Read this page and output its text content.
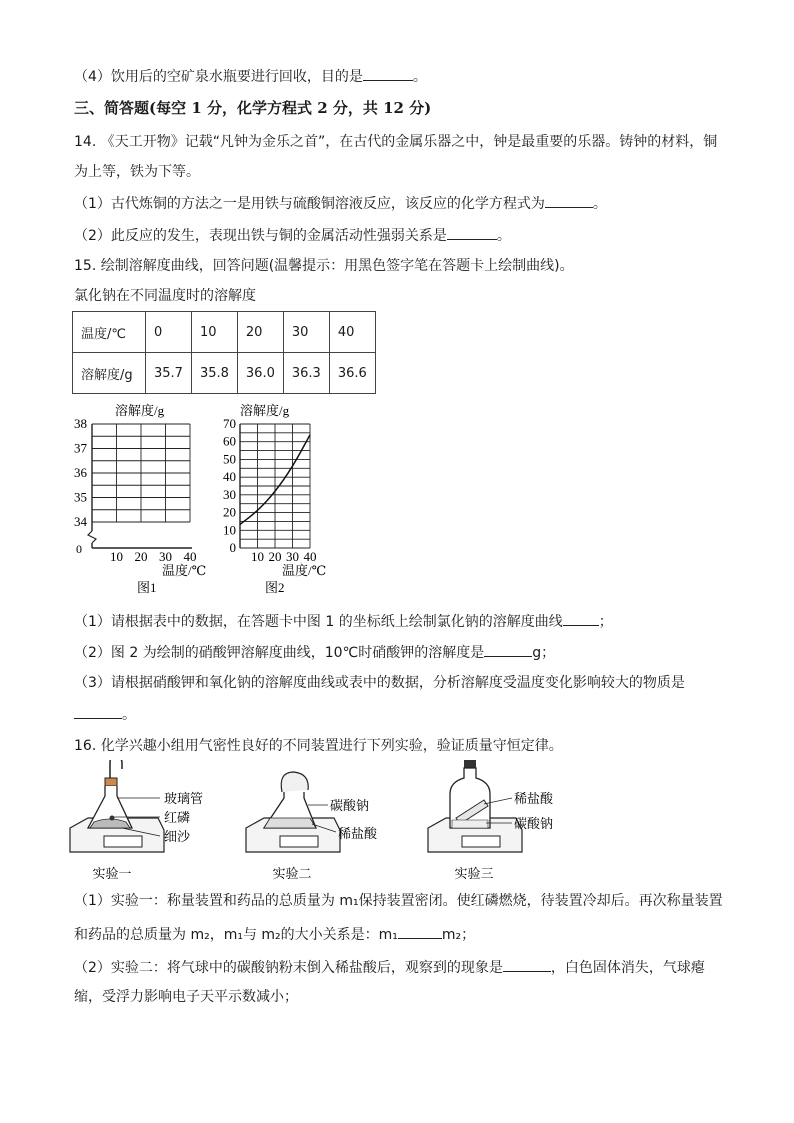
（4）饮用后的空矿泉水瓶要进行回收，目的是	。
三、简答题(每空 1 分，化学方程式 2 分，共 12 分)
14. 《天工开物》记载“凡钟为金乐之首”，在古代的金属乐器之中，钟是最重要的乐器。铸钟的材料，铜
为上等，铁为下等。
（1）古代炼铜的方法之一是用铁与硫酸铜溶液反应，该反应的化学方程式为	。
（2）此反应的发生，表现出铁与铜的金属活动性强弱关系是	。
15. 绘制溶解度曲线，回答问题(温馨提示：用黑色签字笔在答题卡上绘制曲线)。
氯化钠在不同温度时的溶解度
温度/℃	0	10	20	30	40
溶解度/g	35.7	35.8	36.0	36.3	36.6
34
35
36
37
38
10 20 30 40
溶解度/g
温度/℃
图1
0	0
10
20
30
40
50
60
70
10 20 30 40
溶解度/g
温度/℃
图2
（1）请根据表中的数据，在答题卡中图 1 的坐标纸上绘制氯化钠的溶解度曲线	；
（2）图 2 为绘制的硝酸钾溶解度曲线，10℃时硝酸钾的溶解度是	g；
（3）请根据硝酸钾和氧化钠的溶解度曲线或表中的数据，分析溶解度受温度变化影响较大的物质是
。
16. 化学兴趣小组用气密性良好的不同装置进行下列实验，验证质量守恒定律。
玻璃管
红磷
细沙
实验一
碳酸钠
稀盐酸
实验二
稀盐酸
碳酸钠
实验三
（1）实验一：称量装置和药品的总质量为 m₁保持装置密闭。使红磷燃烧，待装置冷却后。再次称量装置
和药品的总质量为 m₂，m₁与 m₂的大小关系是：m₁	m₂；
（2）实验二：将气球中的碳酸钠粉末倒入稀盐酸后，观察到的现象是	，白色固体消失，气球瘪
缩，受浮力影响电子天平示数减小；
